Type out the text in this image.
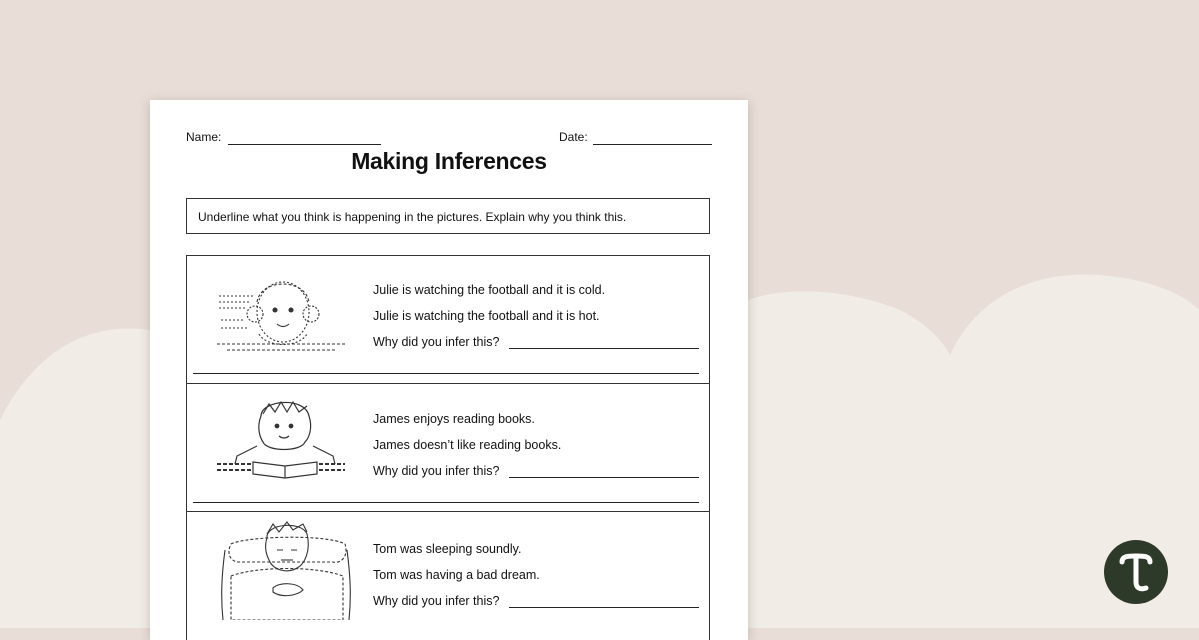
Name:	Date:
Making Inferences
Underline what you think is happening in the pictures. Explain why you think this.
Julie is watching the football and it is cold.
Julie is watching the football and it is hot.
Why did you infer this?
James enjoys reading books.
James doesn’t like reading books.
Why did you infer this?
Tom was sleeping soundly.
Tom was having a bad dream.
Why did you infer this?
